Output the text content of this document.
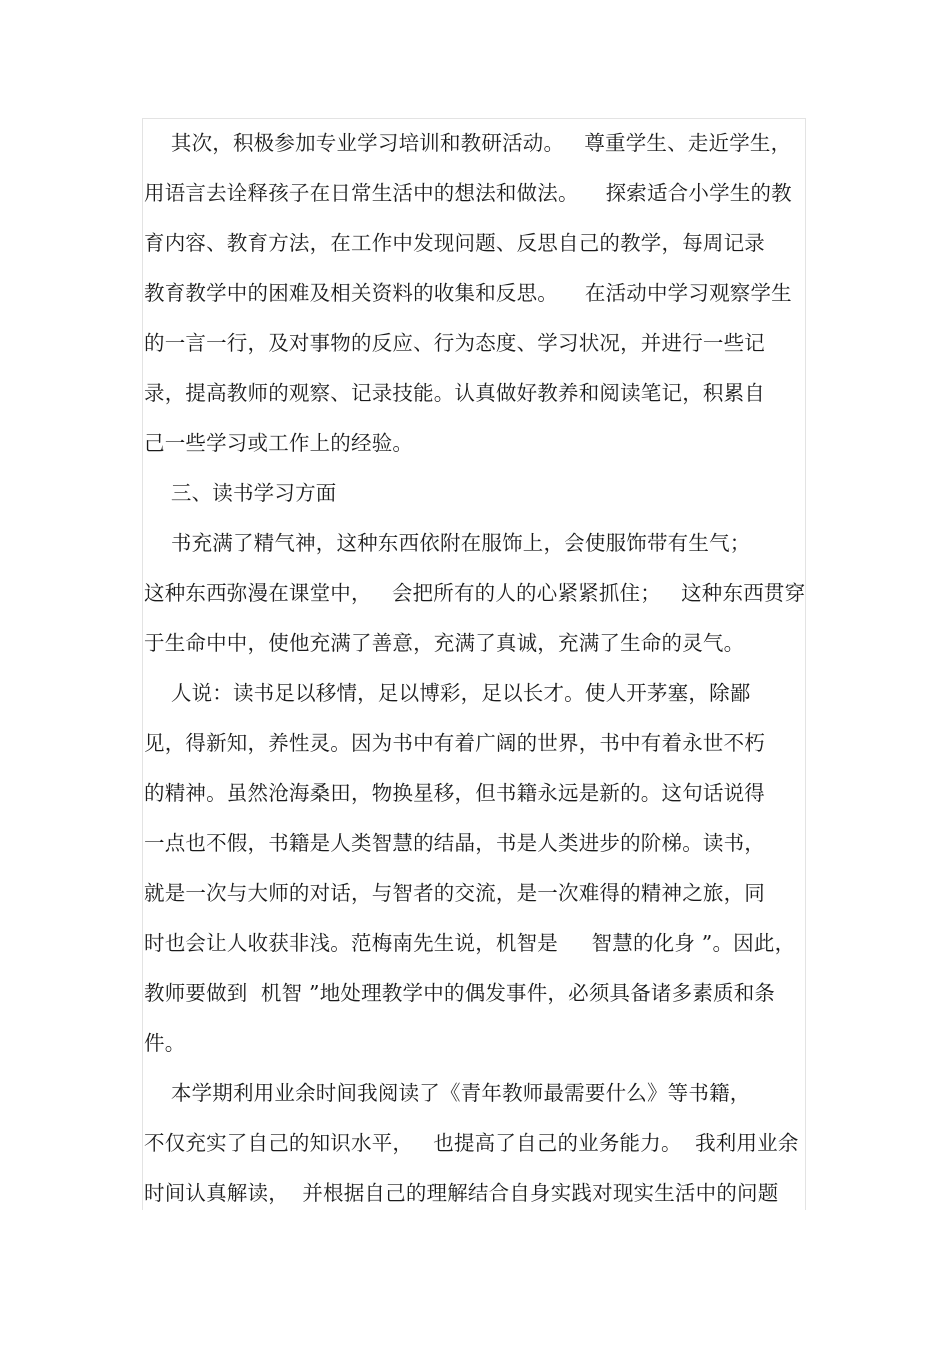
其次，积极参加专业学习培训和教研活动。   尊重学生、走近学生，
用语言去诠释孩子在日常生活中的想法和做法。    探索适合小学生的教
育内容、教育方法，在工作中发现问题、反思自己的教学，每周记录
教育教学中的困难及相关资料的收集和反思。    在活动中学习观察学生
的一言一行，及对事物的反应、行为态度、学习状况，并进行一些记
录，提高教师的观察、记录技能。认真做好教养和阅读笔记，积累自
己一些学习或工作上的经验。
三、读书学习方面
书充满了精气神，这种东西依附在服饰上，会使服饰带有生气；
这种东西弥漫在课堂中，   会把所有的人的心紧紧抓住；   这种东西贯穿
于生命中中，使他充满了善意，充满了真诚，充满了生命的灵气。
人说：读书足以移情，足以博彩，足以长才。使人开茅塞，除鄙
见，得新知，养性灵。因为书中有着广阔的世界，书中有着永世不朽
的精神。虽然沧海桑田，物换星移，但书籍永远是新的。这句话说得
一点也不假，书籍是人类智慧的结晶，书是人类进步的阶梯。读书，
就是一次与大师的对话，与智者的交流，是一次难得的精神之旅，同
时也会让人收获非浅。范梅南先生说，机智是     智慧的化身 ”。因此，
教师要做到  机智 ”地处理教学中的偶发事件，必须具备诸多素质和条
件。
本学期利用业余时间我阅读了《青年教师最需要什么》等书籍，
不仅充实了自己的知识水平，   也提高了自己的业务能力。  我利用业余
时间认真解读，  并根据自己的理解结合自身实践对现实生活中的问题
